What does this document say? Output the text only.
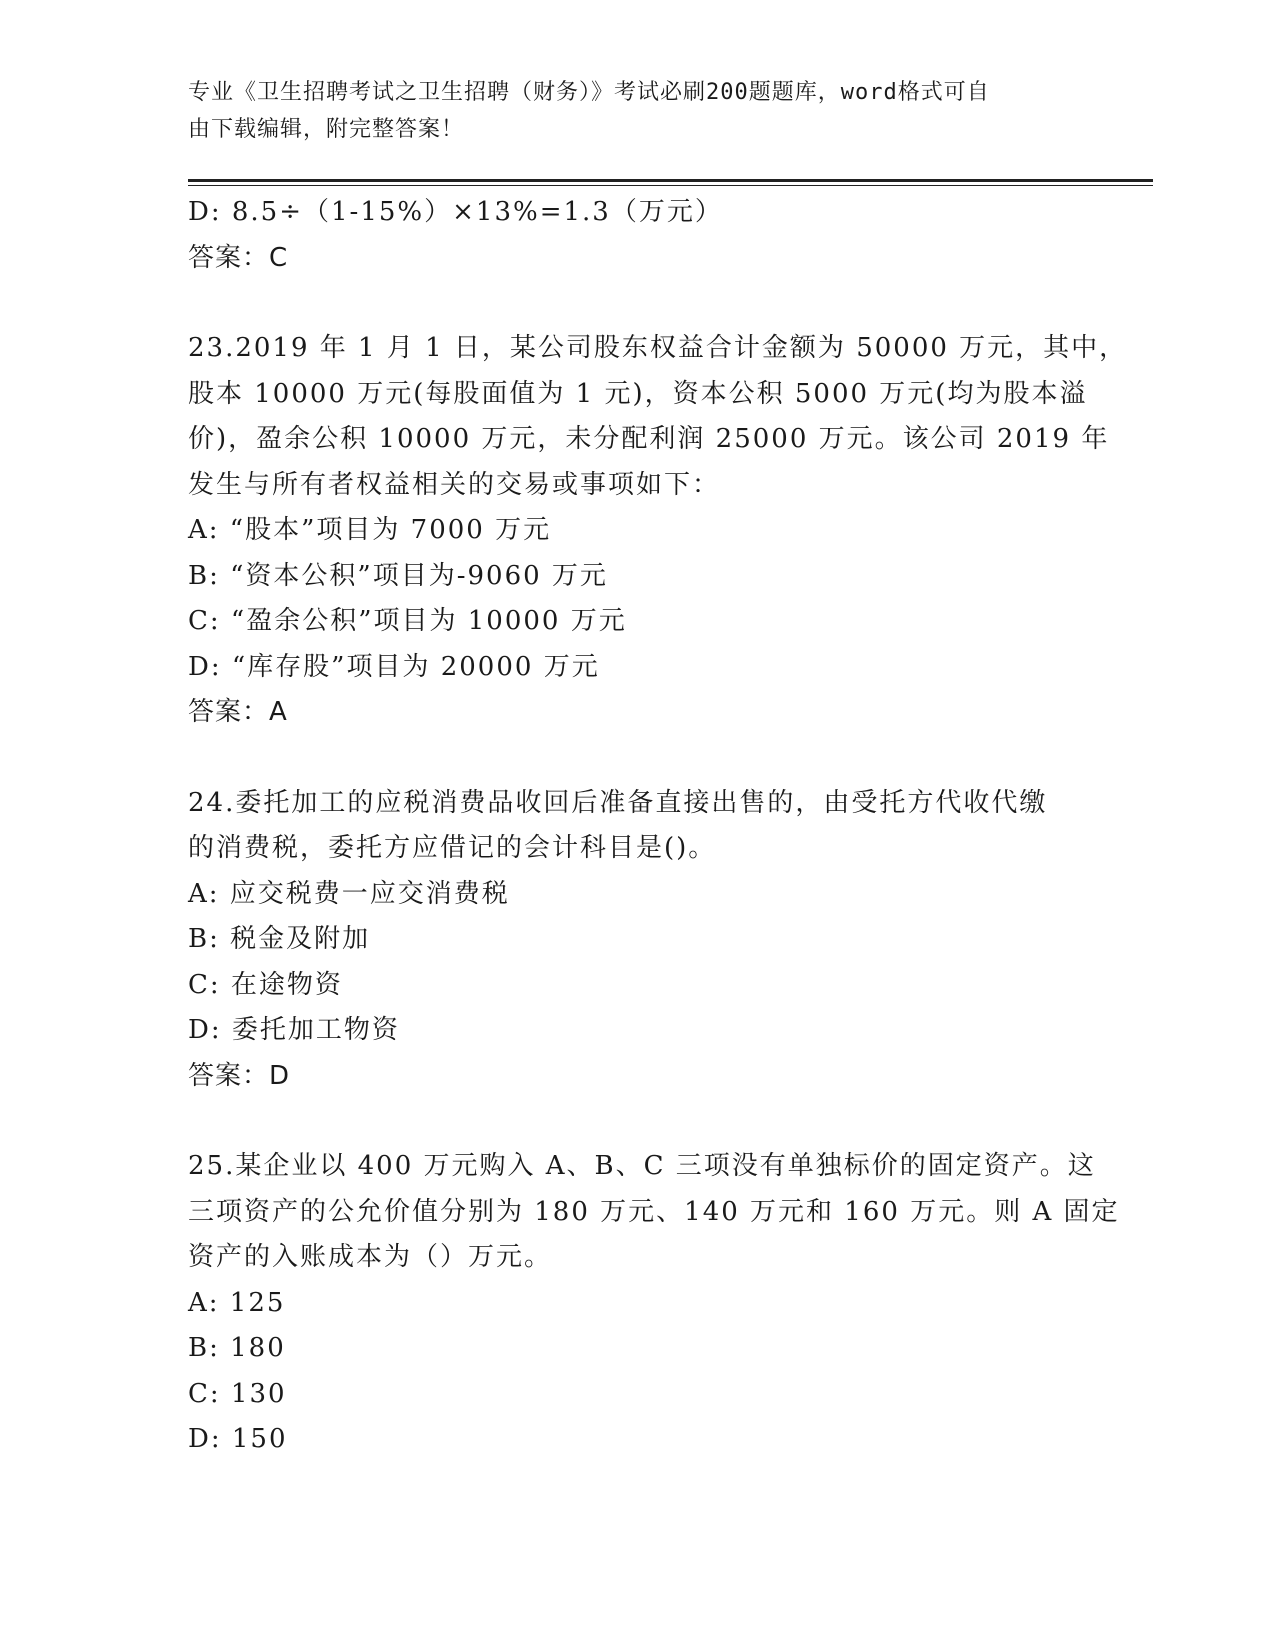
专业《卫生招聘考试之卫生招聘（财务）》考试必刷200题题库，word格式可自
由下载编辑，附完整答案！
D: 8.5÷（1-15%）×13%=1.3（万元）
答案：C
23.2019 年 1 月 1 日，某公司股东权益合计金额为 50000 万元，其中，
股本 10000 万元(每股面值为 1 元)，资本公积 5000 万元(均为股本溢
价)，盈余公积 10000 万元，未分配利润 25000 万元。该公司 2019 年
发生与所有者权益相关的交易或事项如下：
A: “股本”项目为 7000 万元
B: “资本公积”项目为-9060 万元
C: “盈余公积”项目为 10000 万元
D: “库存股”项目为 20000 万元
答案：A
24.委托加工的应税消费品收回后准备直接出售的，由受托方代收代缴
的消费税，委托方应借记的会计科目是()。
A: 应交税费一应交消费税
B: 税金及附加
C: 在途物资
D: 委托加工物资
答案：D
25.某企业以 400 万元购入 A、B、C 三项没有单独标价的固定资产。这
三项资产的公允价值分别为 180 万元、140 万元和 160 万元。则 A 固定
资产的入账成本为（）万元。
A: 125
B: 180
C: 130
D: 150
